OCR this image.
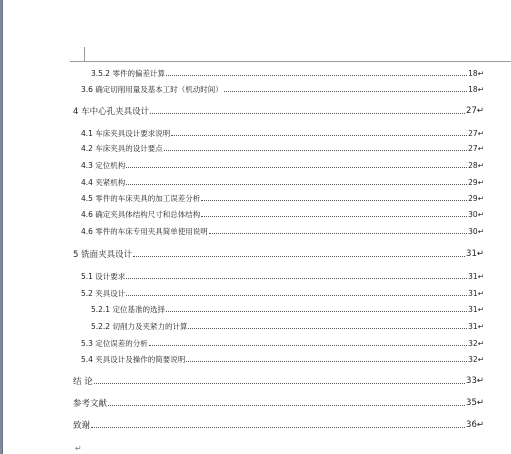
3.5.2 零件的偏差计算	18↵
3.6 确定切削用量及基本工时（机动时间）	18↵
4 车中心孔夹具设计	27↵
4.1 车床夹具设计要求说明	27↵
4.2 车床夹具的设计要点	27↵
4.3 定位机构	28↵
4.4 夹紧机构	29↵
4.5 零件的车床夹具的加工误差分析	29↵
4.6 确定夹具体结构尺寸和总体结构	30↵
4.6 零件的车床专用夹具简单使用说明	30↵
5 铣面夹具设计	31↵
5.1 设计要求	31↵
5.2 夹具设计	31↵
5.2.1 定位基准的选择	31↵
5.2.2 切削力及夹紧力的计算	31↵
5.3 定位误差的分析	32↵
5.4 夹具设计及操作的简要说明	32↵
结 论	33↵
参考文献	35↵
致谢	36↵
↵
